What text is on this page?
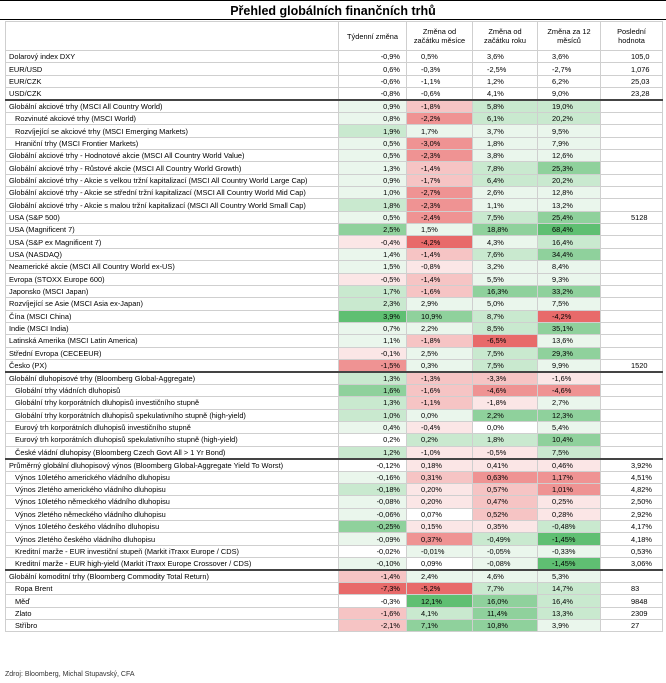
Přehled globálních finančních trhů
	Týdenní změna	Změna od začátku měsíce	Změna od začátku roku	Změna za 12 měsíců	Poslední hodnota
Dolarový index DXY	-0,9%	0,5%	3,6%	3,6%	105,0
EUR/USD	0,6%	-0,3%	-2,5%	-2,7%	1,076
EUR/CZK	-0,6%	-1,1%	1,2%	6,2%	25,03
USD/CZK	-0,8%	-0,6%	4,1%	9,0%	23,28
Globální akciové trhy (MSCI All Country World)	0,9%	-1,8%	5,8%	19,0%	
Rozvinuté akciové trhy (MSCI World)	0,8%	-2,2%	6,1%	20,2%	
Rozvíjející se akciové trhy (MSCI Emerging Markets)	1,9%	1,7%	3,7%	9,5%	
Hraniční trhy (MSCI Frontier Markets)	0,5%	-3,0%	1,8%	7,9%	
Globální akciové trhy - Hodnotové akcie (MSCI All Country World Value)	0,5%	-2,3%	3,8%	12,6%	
Globální akciové trhy - Růstové akcie (MSCI All Country World Growth)	1,3%	-1,4%	7,8%	25,3%	
Globální akciové trhy - Akcie s velkou tržní kapitalizací (MSCI All Country World Large Cap)	0,9%	-1,7%	6,4%	20,2%	
Globální akciové trhy - Akcie se střední tržní kapitalizací (MSCI All Country World Mid Cap)	1,0%	-2,7%	2,6%	12,8%	
Globální akciové trhy - Akcie s malou tržní kapitalizací (MSCI All Country World Small Cap)	1,8%	-2,3%	1,1%	13,2%	
USA (S&P 500)	0,5%	-2,4%	7,5%	25,4%	5128
USA (Magnificent 7)	2,5%	1,5%	18,8%	68,4%	
USA (S&P ex Magnificent 7)	-0,4%	-4,2%	4,3%	16,4%	
USA (NASDAQ)	1,4%	-1,4%	7,6%	34,4%	
Neamerické akcie (MSCI All Country World ex-US)	1,5%	-0,8%	3,2%	8,4%	
Evropa (STOXX Europe 600)	-0,5%	-1,4%	5,5%	9,3%	
Japonsko (MSCI Japan)	1,7%	-1,6%	16,3%	33,2%	
Rozvíjející se Asie (MSCI Asia ex-Japan)	2,3%	2,9%	5,0%	7,5%	
Čína (MSCI China)	3,9%	10,9%	8,7%	-4,2%	
Indie (MSCI India)	0,7%	2,2%	8,5%	35,1%	
Latinská Amerika (MSCI Latin America)	1,1%	-1,8%	-6,5%	13,6%	
Střední Evropa (CECEEUR)	-0,1%	2,5%	7,5%	29,3%	
Česko (PX)	-1,5%	0,3%	7,5%	9,9%	1520
Globální dluhopisové trhy (Bloomberg Global-Aggregate)	1,3%	-1,3%	-3,3%	-1,6%	
Globální trhy vládních dluhopisů	1,6%	-1,6%	-4,6%	-4,6%	
Globální trhy korporátních dluhopisů investičního stupně	1,3%	-1,1%	-1,8%	2,7%	
Globální trhy korporátních dluhopisů spekulativního stupně (high-yield)	1,0%	0,0%	2,2%	12,3%	
Eurový trh korporátních dluhopisů investičního stupně	0,4%	-0,4%	0,0%	5,4%	
Eurový trh korporátních dluhopisů spekulativního stupně (high-yield)	0,2%	0,2%	1,8%	10,4%	
České vládní dluhopisy (Bloomberg Czech Govt All > 1 Yr Bond)	1,2%	-1,0%	-0,5%	7,5%	
Průměrný globální dluhopisový výnos (Bloomberg Global-Aggregate Yield To Worst)	-0,12%	0,18%	0,41%	0,46%	3,92%
Výnos 10letého amerického vládního dluhopisu	-0,16%	0,31%	0,63%	1,17%	4,51%
Výnos 2letého amerického vládního dluhopisu	-0,18%	0,20%	0,57%	1,01%	4,82%
Výnos 10letého německého vládního dluhopisu	-0,08%	0,20%	0,47%	0,25%	2,50%
Výnos 2letého německého vládního dluhopisu	-0,06%	0,07%	0,52%	0,28%	2,92%
Výnos 10letého českého vládního dluhopisu	-0,25%	0,15%	0,35%	-0,48%	4,17%
Výnos 2letého českého vládního dluhopisu	-0,09%	0,37%	-0,49%	-1,45%	4,18%
Kreditní marže - EUR investiční stupeň (Markit iTraxx Europe / CDS)	-0,02%	-0,01%	-0,05%	-0,33%	0,53%
Kreditní marže - EUR high-yield (Markit iTraxx Europe Crossover / CDS)	-0,10%	0,09%	-0,08%	-1,45%	3,06%
Globální komoditní trhy (Bloomberg Commodity Total Return)	-1,4%	2,4%	4,6%	5,3%	
Ropa Brent	-7,3%	-5,2%	7,7%	14,7%	83
Měď	-0,3%	12,1%	16,0%	16,4%	9848
Zlato	-1,6%	4,1%	11,4%	13,3%	2309
Stříbro	-2,1%	7,1%	10,8%	3,9%	27
Zdroj: Bloomberg, Michal Stupavský, CFA
